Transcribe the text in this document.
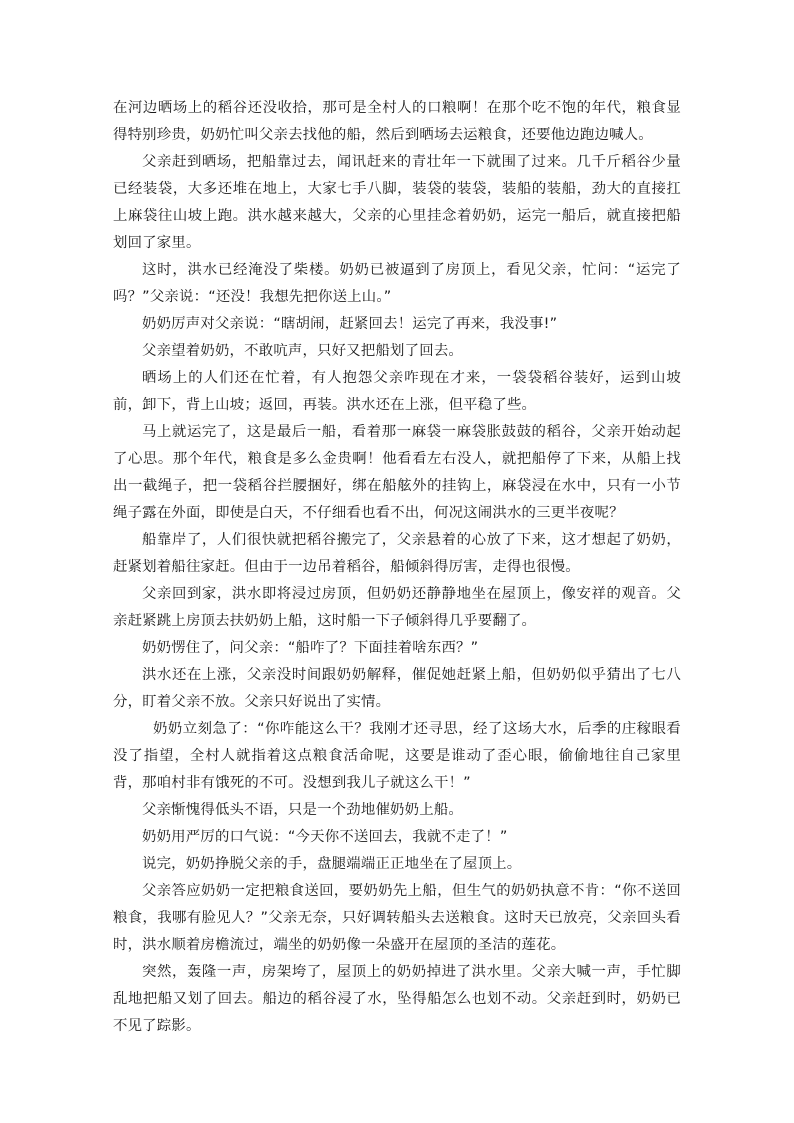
在河边晒场上的稻谷还没收拾，那可是全村人的口粮啊！在那个吃不饱的年代，粮食显得特别珍贵，奶奶忙叫父亲去找他的船，然后到晒场去运粮食，还要他边跑边喊人。

父亲赶到晒场，把船靠过去，闻讯赶来的青壮年一下就围了过来。几千斤稻谷少量已经装袋，大多还堆在地上，大家七手八脚，装袋的装袋，装船的装船，劲大的直接扛上麻袋往山坡上跑。洪水越来越大，父亲的心里挂念着奶奶，运完一船后，就直接把船划回了家里。

这时，洪水已经淹没了柴楼。奶奶已被逼到了房顶上，看见父亲，忙问：“运完了吗？”父亲说：“还没！我想先把你送上山。”

奶奶厉声对父亲说：“瞎胡闹，赶紧回去！运完了再来，我没事!”

父亲望着奶奶，不敢吭声，只好又把船划了回去。

晒场上的人们还在忙着，有人抱怨父亲咋现在才来，一袋袋稻谷装好，运到山坡前，卸下，背上山坡；返回，再装。洪水还在上涨，但平稳了些。

马上就运完了，这是最后一船，看着那一麻袋一麻袋胀鼓鼓的稻谷，父亲开始动起了心思。那个年代，粮食是多么金贵啊！他看看左右没人，就把船停了下来，从船上找出一截绳子，把一袋稻谷拦腰捆好，绑在船舷外的挂钩上，麻袋浸在水中，只有一小节绳子露在外面，即使是白天，不仔细看也看不出，何况这闹洪水的三更半夜呢？

船靠岸了，人们很快就把稻谷搬完了，父亲悬着的心放了下来，这才想起了奶奶，赶紧划着船往家赶。但由于一边吊着稻谷，船倾斜得厉害，走得也很慢。

父亲回到家，洪水即将浸过房顶，但奶奶还静静地坐在屋顶上，像安祥的观音。父亲赶紧跳上房顶去扶奶奶上船，这时船一下子倾斜得几乎要翻了。

奶奶愣住了，问父亲：“船咋了？下面挂着啥东西？”

洪水还在上涨，父亲没时间跟奶奶解释，催促她赶紧上船，但奶奶似乎猜出了七八分，盯着父亲不放。父亲只好说出了实情。

奶奶立刻急了：“你咋能这么干？我刚才还寻思，经了这场大水，后季的庄稼眼看没了指望，全村人就指着这点粮食活命呢，这要是谁动了歪心眼，偷偷地往自己家里背，那咱村非有饿死的不可。没想到我儿子就这么干！”

父亲惭愧得低头不语，只是一个劲地催奶奶上船。

奶奶用严厉的口气说：“今天你不送回去，我就不走了！”

说完，奶奶挣脱父亲的手，盘腿端端正正地坐在了屋顶上。

父亲答应奶奶一定把粮食送回，要奶奶先上船，但生气的奶奶执意不肯：“你不送回粮食，我哪有脸见人？”父亲无奈，只好调转船头去送粮食。这时天已放亮，父亲回头看时，洪水顺着房檐流过，端坐的奶奶像一朵盛开在屋顶的圣洁的莲花。

突然，轰隆一声，房架垮了，屋顶上的奶奶掉进了洪水里。父亲大喊一声，手忙脚乱地把船又划了回去。船边的稻谷浸了水，坠得船怎么也划不动。父亲赶到时，奶奶已不见了踪影。
